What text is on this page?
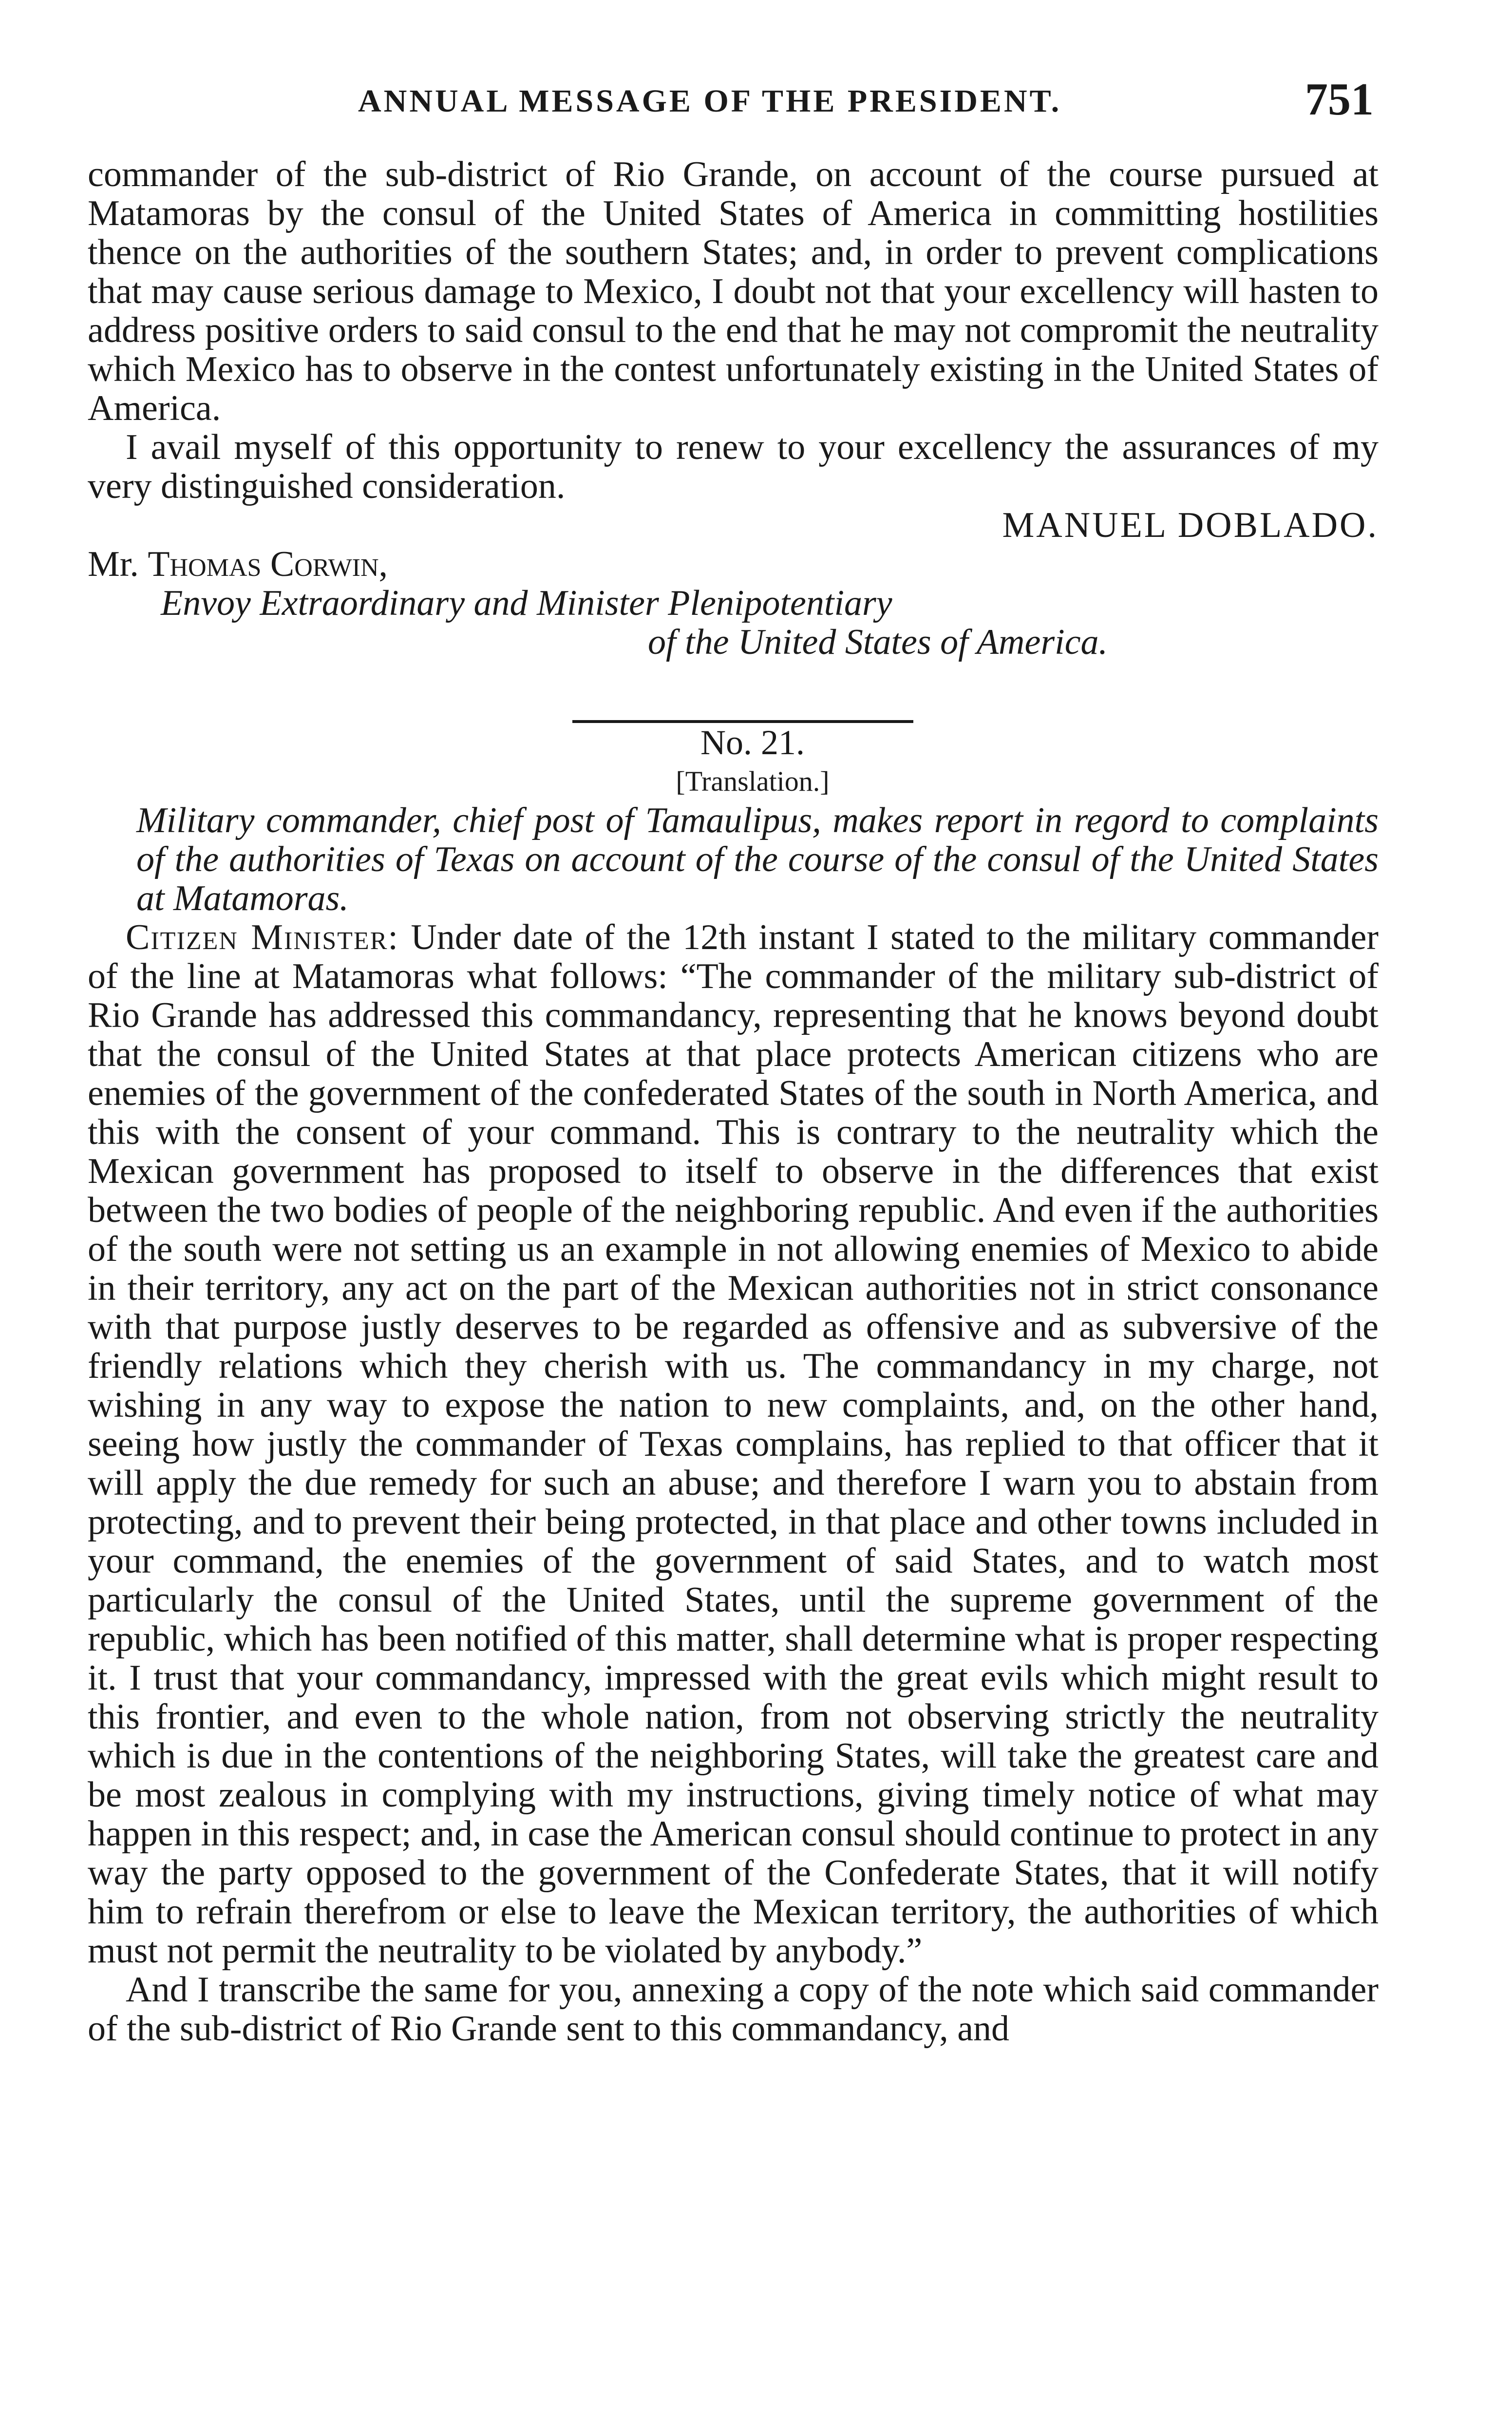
ANNUAL MESSAGE OF THE PRESIDENT.	751

commander of the sub-district of Rio Grande, on account of the course pursued at Matamoras by the consul of the United States of America in committing hostilities thence on the authorities of the southern States; and, in order to prevent complications that may cause serious damage to Mexico, I doubt not that your excellency will hasten to address positive orders to said consul to the end that he may not compromit the neutrality which Mexico has to observe in the contest unfortunately existing in the United States of America.

I avail myself of this opportunity to renew to your excellency the assurances of my very distinguished consideration.

MANUEL DOBLADO.

Mr. Thomas Corwin,

Envoy Extraordinary and Minister Plenipotentiary

of the United States of America.

No. 21.

[Translation.]

Military commander, chief post of Tamaulipus, makes report in regord to complaints of the authorities of Texas on account of the course of the consul of the United States at Matamoras.

Citizen Minister: Under date of the 12th instant I stated to the military commander of the line at Matamoras what follows: “The commander of the military sub-district of Rio Grande has addressed this commandancy, representing that he knows beyond doubt that the consul of the United States at that place protects American citizens who are enemies of the government of the confederated States of the south in North America, and this with the consent of your command. This is contrary to the neutrality which the Mexican government has proposed to itself to observe in the differences that exist between the two bodies of people of the neighboring republic. And even if the authorities of the south were not setting us an example in not allowing enemies of Mexico to abide in their territory, any act on the part of the Mexican authorities not in strict consonance with that purpose justly deserves to be regarded as offensive and as subversive of the friendly relations which they cherish with us. The commandancy in my charge, not wishing in any way to expose the nation to new complaints, and, on the other hand, seeing how justly the commander of Texas complains, has replied to that officer that it will apply the due remedy for such an abuse; and therefore I warn you to abstain from protecting, and to prevent their being protected, in that place and other towns included in your command, the enemies of the government of said States, and to watch most particularly the consul of the United States, until the supreme government of the republic, which has been notified of this matter, shall determine what is proper respecting it. I trust that your commandancy, impressed with the great evils which might result to this frontier, and even to the whole nation, from not observing strictly the neutrality which is due in the contentions of the neighboring States, will take the greatest care and be most zealous in complying with my instructions, giving timely notice of what may happen in this respect; and, in case the American consul should continue to protect in any way the party opposed to the government of the Confederate States, that it will notify him to refrain therefrom or else to leave the Mexican territory, the authorities of which must not permit the neutrality to be violated by anybody.”

And I transcribe the same for you, annexing a copy of the note which said commander of the sub-district of Rio Grande sent to this commandancy, and
